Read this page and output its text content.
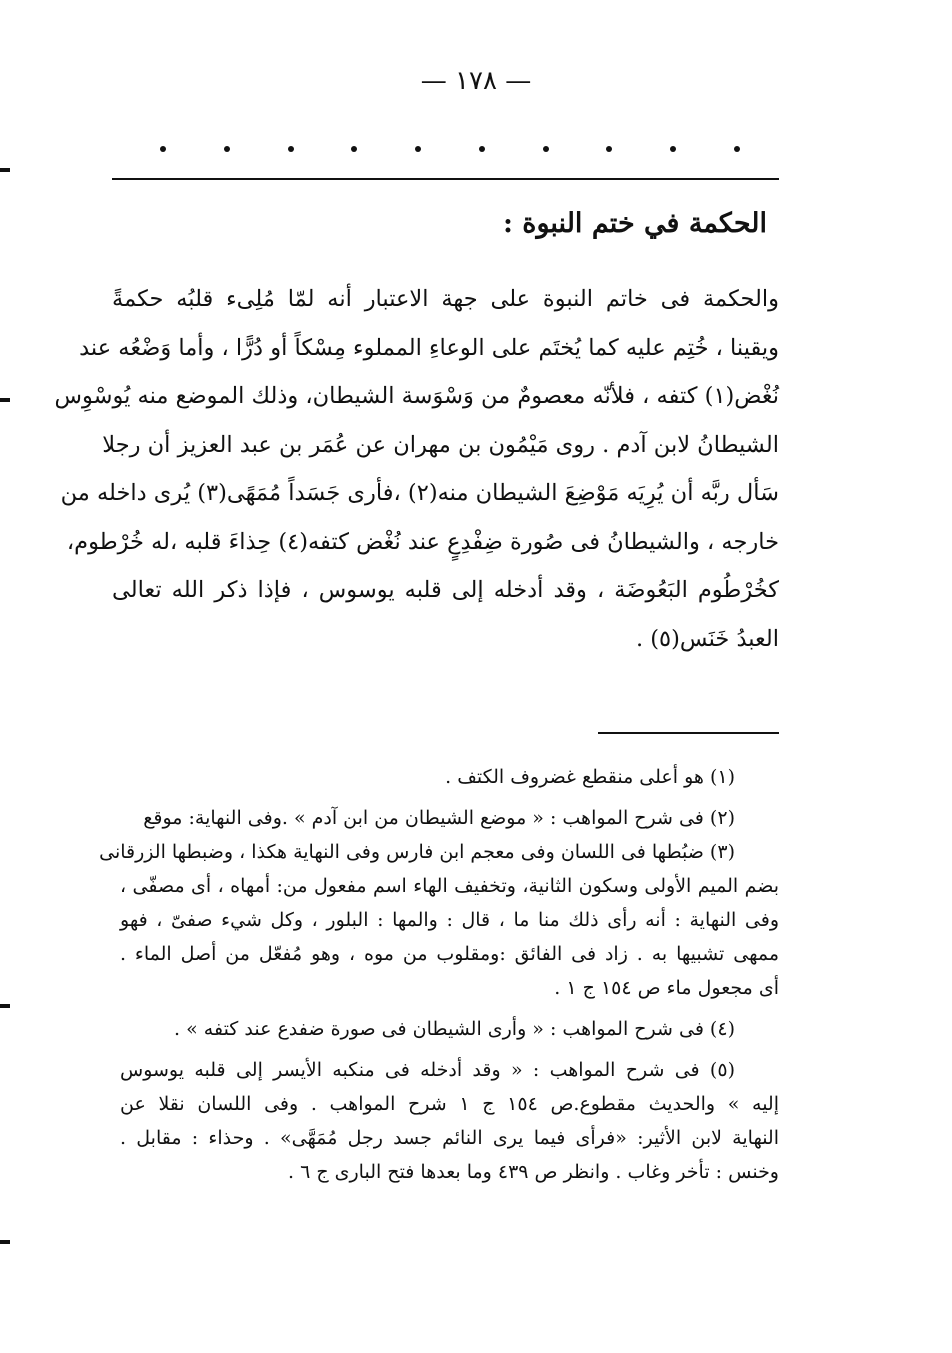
— ١٧٨ —
الحكمة في ختم النبوة :
والحكمة فى خاتم النبوة على جهة الاعتبار أنه لمّا مُلِىء قلبُه حكمةً
ويقينا ، خُتِم عليه كما يُختَم على الوعاءِ المملوء مِسْكاً أو دُرًّا ، وأما وَضْعُه عند
نُغْض(١) كتفه ، فلأنّه معصومٌ من وَسْوَسة الشيطان، وذلك الموضع منه يُوسْوِس
الشيطانُ لابن آدم . روى مَيْمُون بن مهران عن عُمَر بن عبد العزيز أن رجلا
سَأل ربَّه أن يُرِيَه مَوْضِعَ الشيطان منه(٢) ،فأرى جَسَداً مُمَهًى(٣) يُرى داخله من
خارجه ، والشيطانُ فى صُورة ضِفْدِعٍ عند نُغْض كتفه(٤) حِذاءَ قلبه ،له خُرْطوم،
كخُرْطُوم البَعُوضَة ، وقد أدخله إلى قلبه يوسوس ، فإذا ذكر الله تعالى
العبدُ خَنَس(٥) .
(١) هو أعلى منقطع غضروف الكتف .
(٢) فى شرح المواهب : « موضع الشيطان من ابن آدم » .وفى النهاية: موقع
(٣) ضبُطها فى اللسان وفى معجم ابن فارس وفى النهاية هكذا ، وضبطها الزرقانى
بضم الميم الأولى وسكون الثانية، وتخفيف الهاء اسم مفعول من: أمهاه ، أى مصفّى ،
وفى النهاية : أنه رأى ذلك منا ما ، قال : والمها : البلور ، وكل شيء صفىّ ، فهو
ممهى تشبيها به . زاد فى الفائق :ومقلوب من موه ، وهو مُفعّل من أصل الماء .
أى مجعول ماء ص ١٥٤ ج ١ .
(٤) فى شرح المواهب : « وأرى الشيطان فى صورة ضفدع عند كتفه » .
(٥) فى شرح المواهب : « وقد أدخله فى منكبه الأيسر إلى قلبه يوسوس
إليه » والحديث مقطوع.ص ١٥٤ ج ١ شرح المواهب . وفى اللسان نقلا عن
النهاية لابن الأثير: «فرأى فيما يرى النائم جسد رجل مُمَهَّى» . وحذاء : مقابل .
وخنس : تأخر وغاب . وانظر ص ٤٣٩ وما بعدها فتح البارى ج ٦ .
